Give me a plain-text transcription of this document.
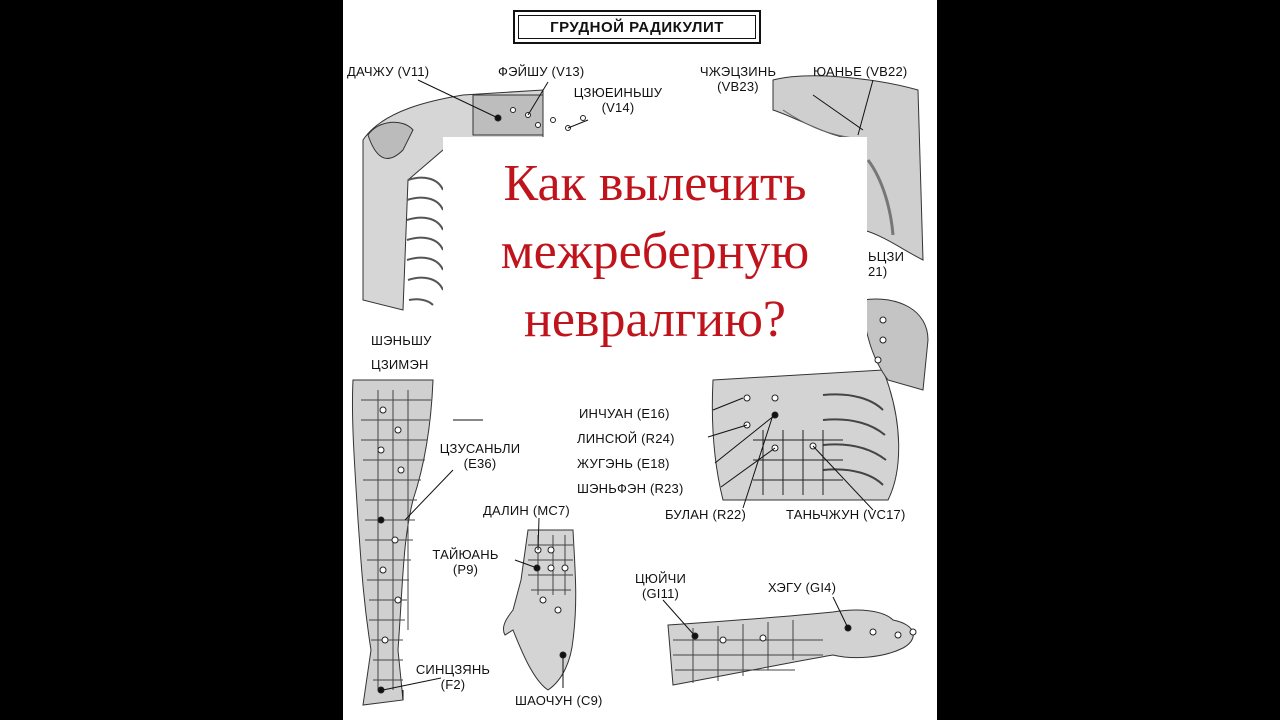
ГРУДНОЙ РАДИКУЛИТ
ДАЧЖУ (V11)	ФЭЙШУ (V13)
ЦЗЮЕИНЬШУ
(V14)
ЧЖЭЦЗИНЬ
(VB23)
ЮАНЬЕ (VB22)
ЬЦЗИ
21)
ШЭНЬШУ
ЦЗИМЭН
ЦЗУСАНЬЛИ
(Е36)
ИНЧУАН (Е16)
ЛИНСЮЙ (R24)
ЖУГЭНЬ (Е18)
ШЭНЬФЭН (R23)
БУЛАН (R22)	ТАНЬЧЖУН (VC17)
ДАЛИН (МС7)
ТАЙЮАНЬ
(P9)
ЦЮЙЧИ
(GI11)	ХЭГУ (GI4)
СИНЦЗЯНЬ
(F2)
ШАОЧУН (С9)
Как вылечить
межреберную
невралгию?
